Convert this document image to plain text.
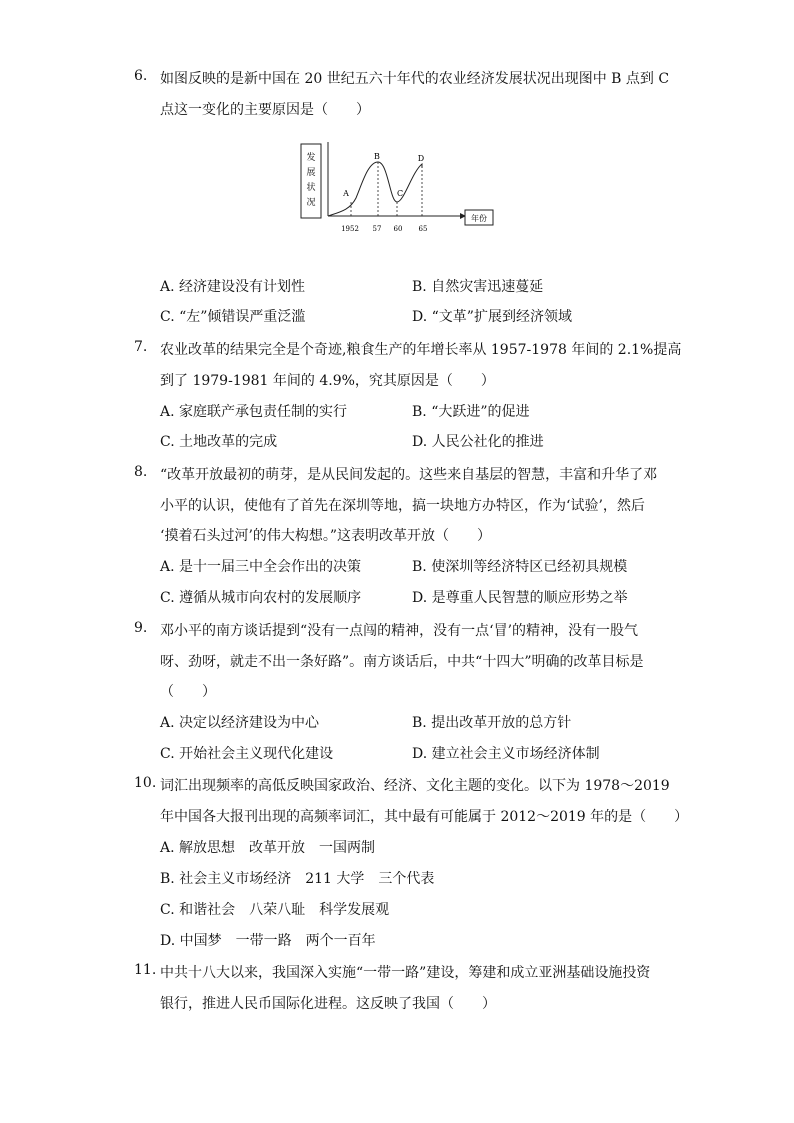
6. 如图反映的是新中国在 20 世纪五六十年代的农业经济发展状况出现图中 B 点到 C
点这一变化的主要原因是（　　）
发
展
状
况
年份
A
B
C
D
1952 57 60 65
A. 经济建设没有计划性	B. 自然灾害迅速蔓延
C. “左”倾错误严重泛滥	D. “文革”扩展到经济领域
7. 农业改革的结果完全是个奇迹,粮食生产的年增长率从 1957-1978 年间的 2.1%提高
到了 1979-1981 年间的 4.9%，究其原因是（　　）
A. 家庭联产承包责任制的实行	B. “大跃进”的促进
C. 土地改革的完成	D. 人民公社化的推进
8. “改革开放最初的萌芽，是从民间发起的。这些来自基层的智慧，丰富和升华了邓
小平的认识，使他有了首先在深圳等地，搞一块地方办特区，作为‘试验’，然后
‘摸着石头过河’的伟大构想。”这表明改革开放（　　）
A. 是十一届三中全会作出的决策	B. 使深圳等经济特区已经初具规模
C. 遵循从城市向农村的发展顺序	D. 是尊重人民智慧的顺应形势之举
9. 邓小平的南方谈话提到“没有一点闯的精神，没有一点‘冒’的精神，没有一股气
呀、劲呀，就走不出一条好路”。南方谈话后，中共“十四大”明确的改革目标是
（　　）
A. 决定以经济建设为中心	B. 提出改革开放的总方针
C. 开始社会主义现代化建设	D. 建立社会主义市场经济体制
10. 词汇出现频率的高低反映国家政治、经济、文化主题的变化。以下为 1978～2019
年中国各大报刊出现的高频率词汇，其中最有可能属于 2012～2019 年的是（　　）
A. 解放思想　改革开放　一国两制
B. 社会主义市场经济　211 大学　三个代表
C. 和谐社会　八荣八耻　科学发展观
D. 中国梦　一带一路　两个一百年
11. 中共十八大以来，我国深入实施“一带一路”建设，筹建和成立亚洲基础设施投资
银行，推进人民币国际化进程。这反映了我国（　　）
